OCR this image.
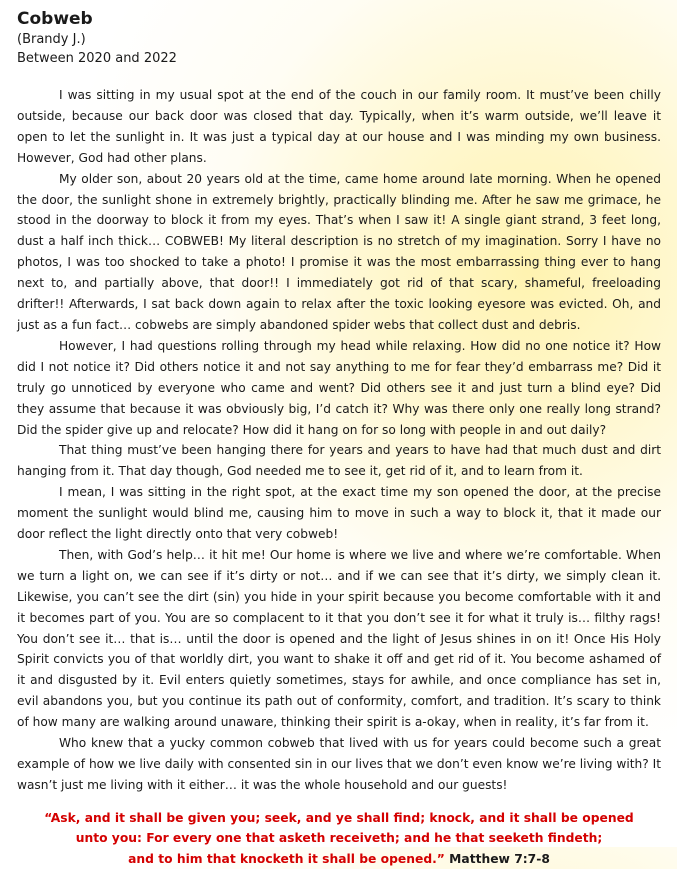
Cobweb
(Brandy J.)
Between 2020 and 2022

I was sitting in my usual spot at the end of the couch in our family room. It must’ve been chilly outside, because our back door was closed that day. Typically, when it’s warm outside, we’ll leave it open to let the sunlight in. It was just a typical day at our house and I was minding my own business. However, God had other plans.

My older son, about 20 years old at the time, came home around late morning. When he opened the door, the sunlight shone in extremely brightly, practically blinding me. After he saw me grimace, he stood in the doorway to block it from my eyes. That’s when I saw it! A single giant strand, 3 feet long, dust a half inch thick… COBWEB! My literal description is no stretch of my imagination. Sorry I have no photos, I was too shocked to take a photo! I promise it was the most embarrassing thing ever to hang next to, and partially above, that door!! I immediately got rid of that scary, shameful, freeloading drifter!! Afterwards, I sat back down again to relax after the toxic looking eyesore was evicted. Oh, and just as a fun fact… cobwebs are simply abandoned spider webs that collect dust and debris.

However, I had questions rolling through my head while relaxing. How did no one notice it? How did I not notice it? Did others notice it and not say anything to me for fear they’d embarrass me? Did it truly go unnoticed by everyone who came and went? Did others see it and just turn a blind eye? Did they assume that because it was obviously big, I’d catch it? Why was there only one really long strand? Did the spider give up and relocate? How did it hang on for so long with people in and out daily?

That thing must’ve been hanging there for years and years to have had that much dust and dirt hanging from it. That day though, God needed me to see it, get rid of it, and to learn from it.

I mean, I was sitting in the right spot, at the exact time my son opened the door, at the precise moment the sunlight would blind me, causing him to move in such a way to block it, that it made our door reflect the light directly onto that very cobweb!

Then, with God’s help… it hit me! Our home is where we live and where we’re comfortable. When we turn a light on, we can see if it’s dirty or not… and if we can see that it’s dirty, we simply clean it. Likewise, you can’t see the dirt (sin) you hide in your spirit because you become comfortable with it and it becomes part of you. You are so complacent to it that you don’t see it for what it truly is… filthy rags! You don’t see it… that is… until the door is opened and the light of Jesus shines in on it! Once His Holy Spirit convicts you of that worldly dirt, you want to shake it off and get rid of it. You become ashamed of it and disgusted by it. Evil enters quietly sometimes, stays for awhile, and once compliance has set in, evil abandons you, but you continue its path out of conformity, comfort, and tradition. It’s scary to think of how many are walking around unaware, thinking their spirit is a-okay, when in reality, it’s far from it.

Who knew that a yucky common cobweb that lived with us for years could become such a great example of how we live daily with consented sin in our lives that we don’t even know we’re living with? It wasn’t just me living with it either… it was the whole household and our guests!

“Ask, and it shall be given you; seek, and ye shall find; knock, and it shall be opened
unto you: For every one that asketh receiveth; and he that seeketh findeth;
and to him that knocketh it shall be opened.” Matthew 7:7-8
